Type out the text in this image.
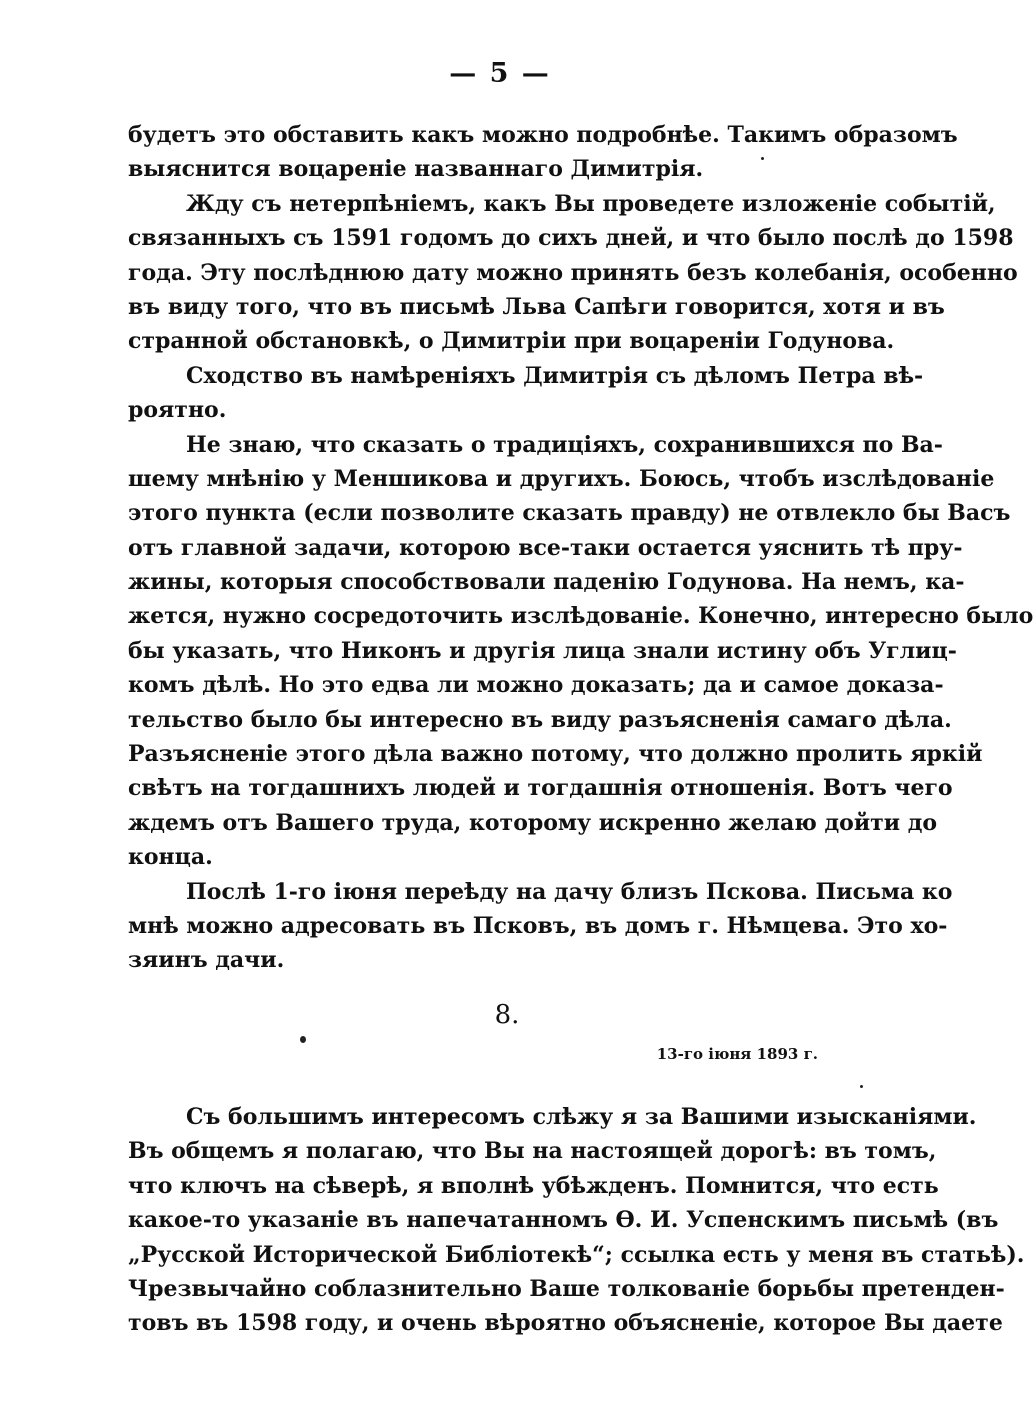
— 5 —
будетъ это обставить какъ можно подробнѣе. Такимъ образомъ
выяснится воцареніе названнаго Димитрія.
Жду съ нетерпѣніемъ, какъ Вы проведете изложеніе событій,
связанныхъ съ 1591 годомъ до сихъ дней, и что было послѣ до 1598
года. Эту послѣднюю дату можно принять безъ колебанія, особенно
въ виду того, что въ письмѣ Льва Сапѣги говорится, хотя и въ
странной обстановкѣ, о Димитріи при воцареніи Годунова.
Сходство въ намѣреніяхъ Димитрія съ дѣломъ Петра вѣ-
роятно.
Не знаю, что сказать о традиціяхъ, сохранившихся по Ва-
шему мнѣнію у Меншикова и другихъ. Боюсь, чтобъ изслѣдованіе
этого пункта (если позволите сказать правду) не отвлекло бы Васъ
отъ главной задачи, которою все-таки остается уяснить тѣ пру-
жины, которыя способствовали паденію Годунова. На немъ, ка-
жется, нужно сосредоточить изслѣдованіе. Конечно, интересно было
бы указать, что Никонъ и другія лица знали истину объ Углиц-
комъ дѣлѣ. Но это едва ли можно доказать; да и самое доказа-
тельство было бы интересно въ виду разъясненія самаго дѣла.
Разъясненіе этого дѣла важно потому, что должно пролить яркій
свѣтъ на тогдашнихъ людей и тогдашнія отношенія. Вотъ чего
ждемъ отъ Вашего труда, которому искренно желаю дойти до
конца.
Послѣ 1-го іюня переѣду на дачу близъ Пскова. Письма ко
мнѣ можно адресовать въ Псковъ, въ домъ г. Нѣмцева. Это хо-
зяинъ дачи.
8.
13-го іюня 1893 г.
Съ большимъ интересомъ слѣжу я за Вашими изысканіями.
Въ общемъ я полагаю, что Вы на настоящей дорогѣ: въ томъ,
что ключъ на сѣверѣ, я вполнѣ убѣжденъ. Помнится, что есть
какое-то указаніе въ напечатанномъ Ѳ. И. Успенскимъ письмѣ (въ
„Русской Исторической Библіотекѣ“; ссылка есть у меня въ статьѣ).
Чрезвычайно соблазнительно Ваше толкованіе борьбы претенден-
товъ въ 1598 году, и очень вѣроятно объясненіе, которое Вы даете
